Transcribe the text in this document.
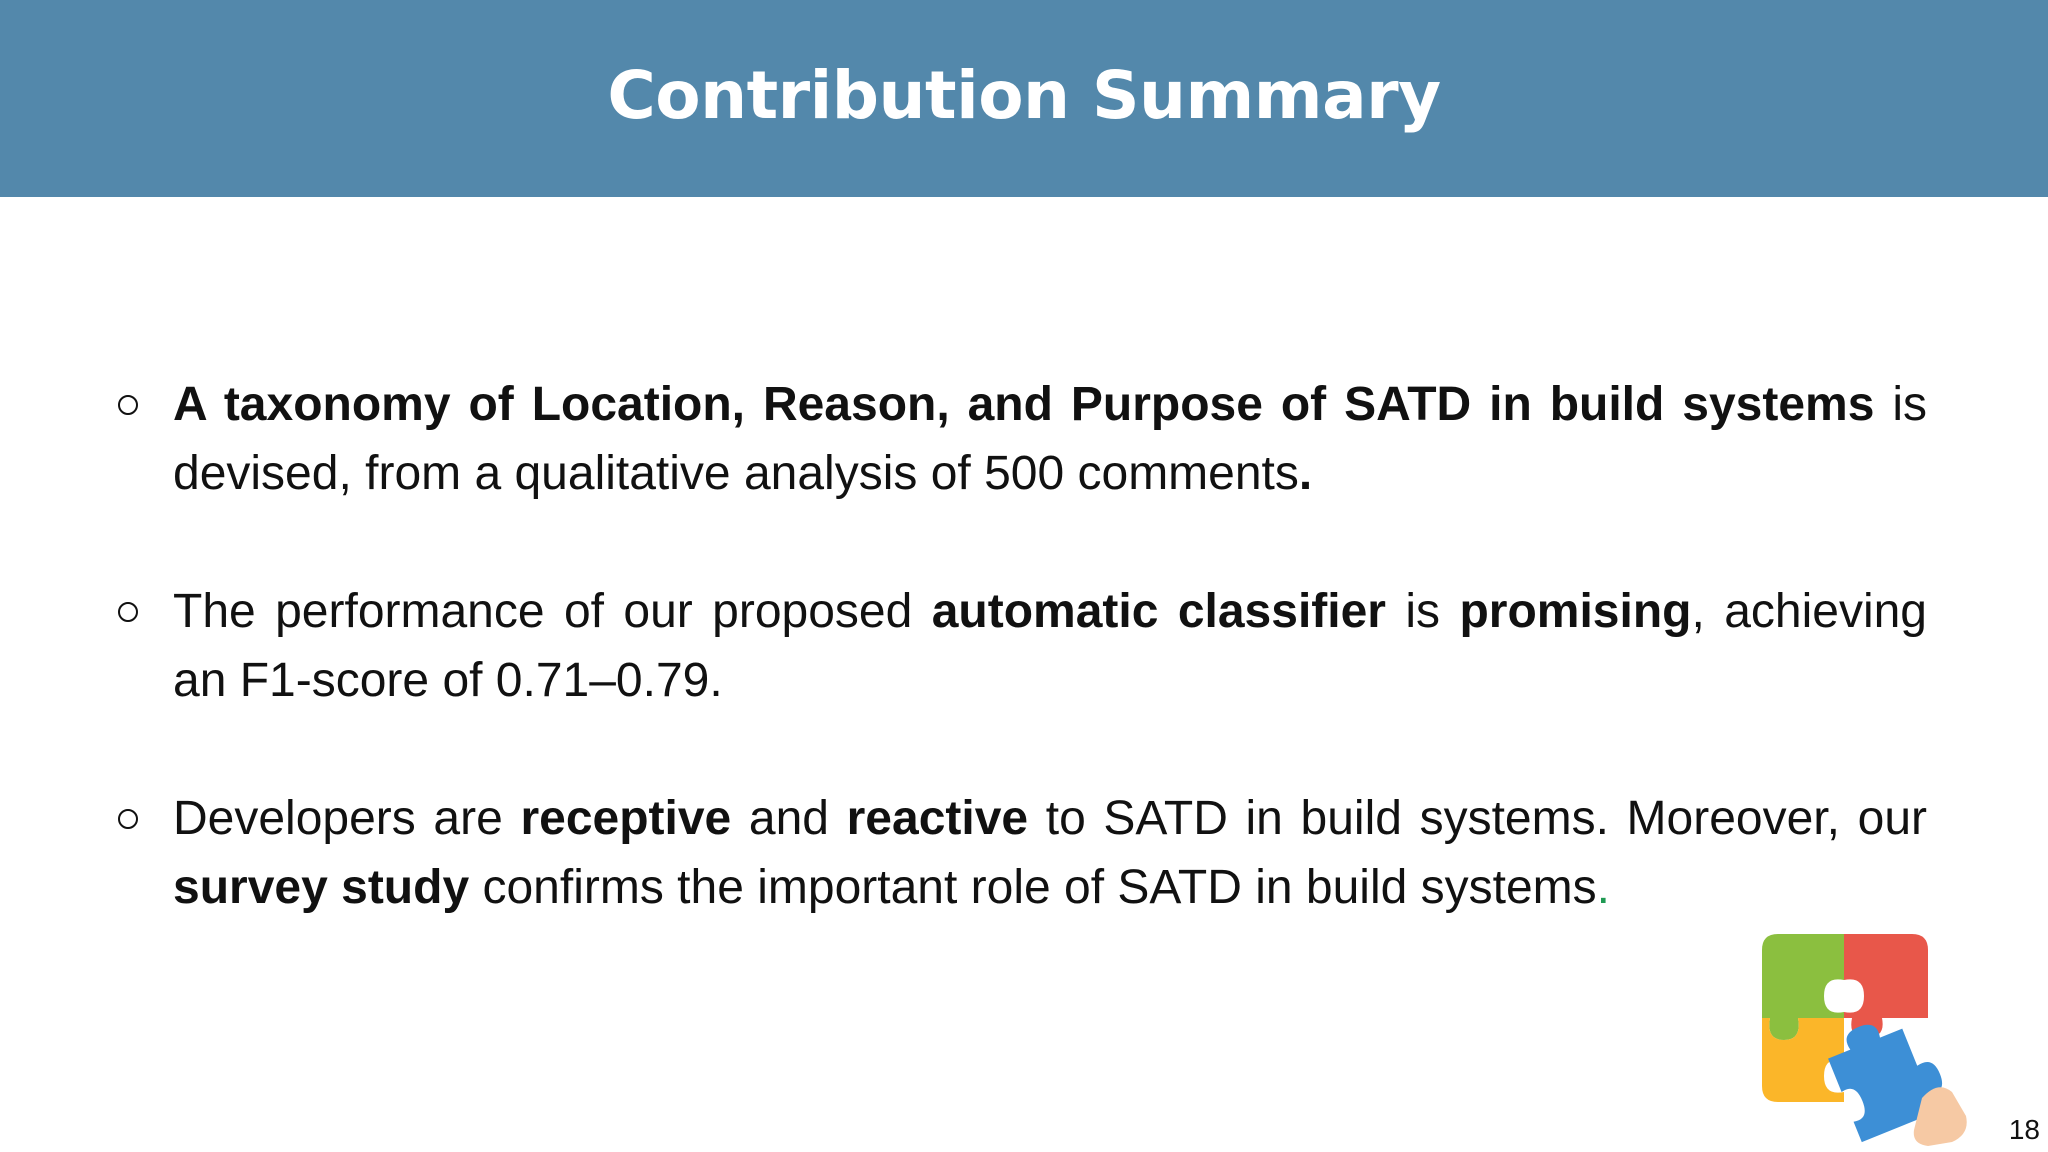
Contribution Summary
A taxonomy of Location, Reason, and Purpose of SATD in build systems is devised, from a qualitative analysis of 500 comments.
The performance of our proposed automatic classifier is promising, achieving an F1-score of 0.71–0.79.
Developers are receptive and reactive to SATD in build systems. Moreover, our survey study confirms the important role of SATD in build systems.
18
